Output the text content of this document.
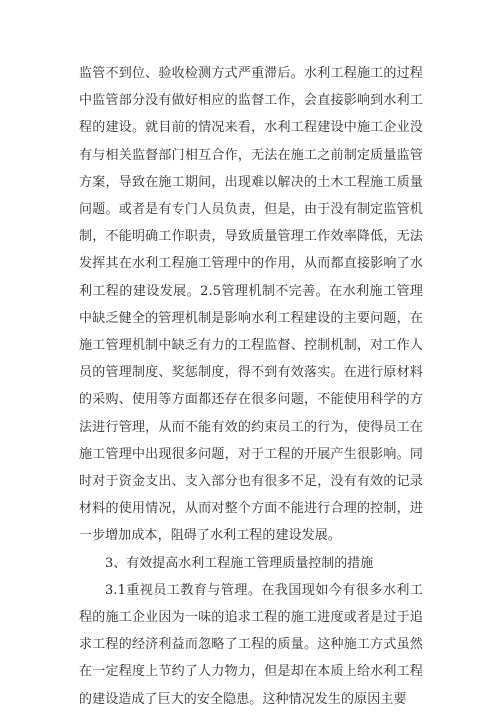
监管不到位、验收检测方式严重滞后。水利工程施工的过程中监管部分没有做好相应的监督工作，会直接影响到水利工程的建设。就目前的情况来看，水利工程建设中施工企业没有与相关监督部门相互合作，无法在施工之前制定质量监管方案，导致在施工期间，出现难以解决的土木工程施工质量问题。或者是有专门人员负责，但是，由于没有制定监管机制，不能明确工作职责，导致质量管理工作效率降低，无法发挥其在水利工程施工管理中的作用，从而都直接影响了水利工程的建设发展。2.5管理机制不完善。在水利施工管理中缺乏健全的管理机制是影响水利工程建设的主要问题，在施工管理机制中缺乏有力的工程监督、控制机制，对工作人员的管理制度、奖惩制度，得不到有效落实。在进行原材料的采购、使用等方面都还存在很多问题，不能使用科学的方法进行管理，从而不能有效的约束员工的行为，使得员工在施工管理中出现很多问题，对于工程的开展产生很影响。同时对于资金支出、支入部分也有很多不足，没有有效的记录材料的使用情况，从而对整个方面不能进行合理的控制，进一步增加成本，阻碍了水利工程的建设发展。

3、有效提高水利工程施工管理质量控制的措施

3.1重视员工教育与管理。在我国现如今有很多水利工程的施工企业因为一味的追求工程的施工进度或者是过于追求工程的经济利益而忽略了工程的质量。这种施工方式虽然在一定程度上节约了人力物力，但是却在本质上给水利工程的建设造成了巨大的安全隐患。这种情况发生的原因主要
